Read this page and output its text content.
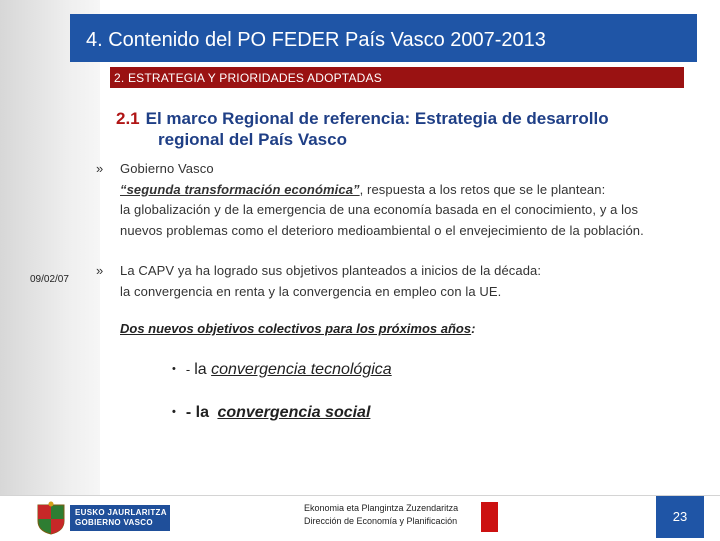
4. Contenido del PO FEDER País Vasco 2007-2013
2. ESTRATEGIA Y PRIORIDADES ADOPTADAS
2.1 El marco Regional de referencia: Estrategia de desarrollo
regional del País Vasco
09/02/07
» Gobierno Vasco
“segunda transformación económica”, respuesta a los retos que se le plantean:
la globalización y de la emergencia de una economía basada en el conocimiento, y a los
nuevos problemas como el deterioro medioambiental o el envejecimiento de la población.
» La CAPV ya ha logrado sus objetivos planteados a inicios de la década:
la convergencia en renta y la convergencia en empleo con la UE.
Dos nuevos objetivos colectivos para los próximos años:
• - la convergencia tecnológica
• - la convergencia social
EUSKO JAURLARITZA
GOBIERNO VASCO
Ekonomia eta Plangintza Zuzendaritza
Dirección de Economía y Planificación	23
